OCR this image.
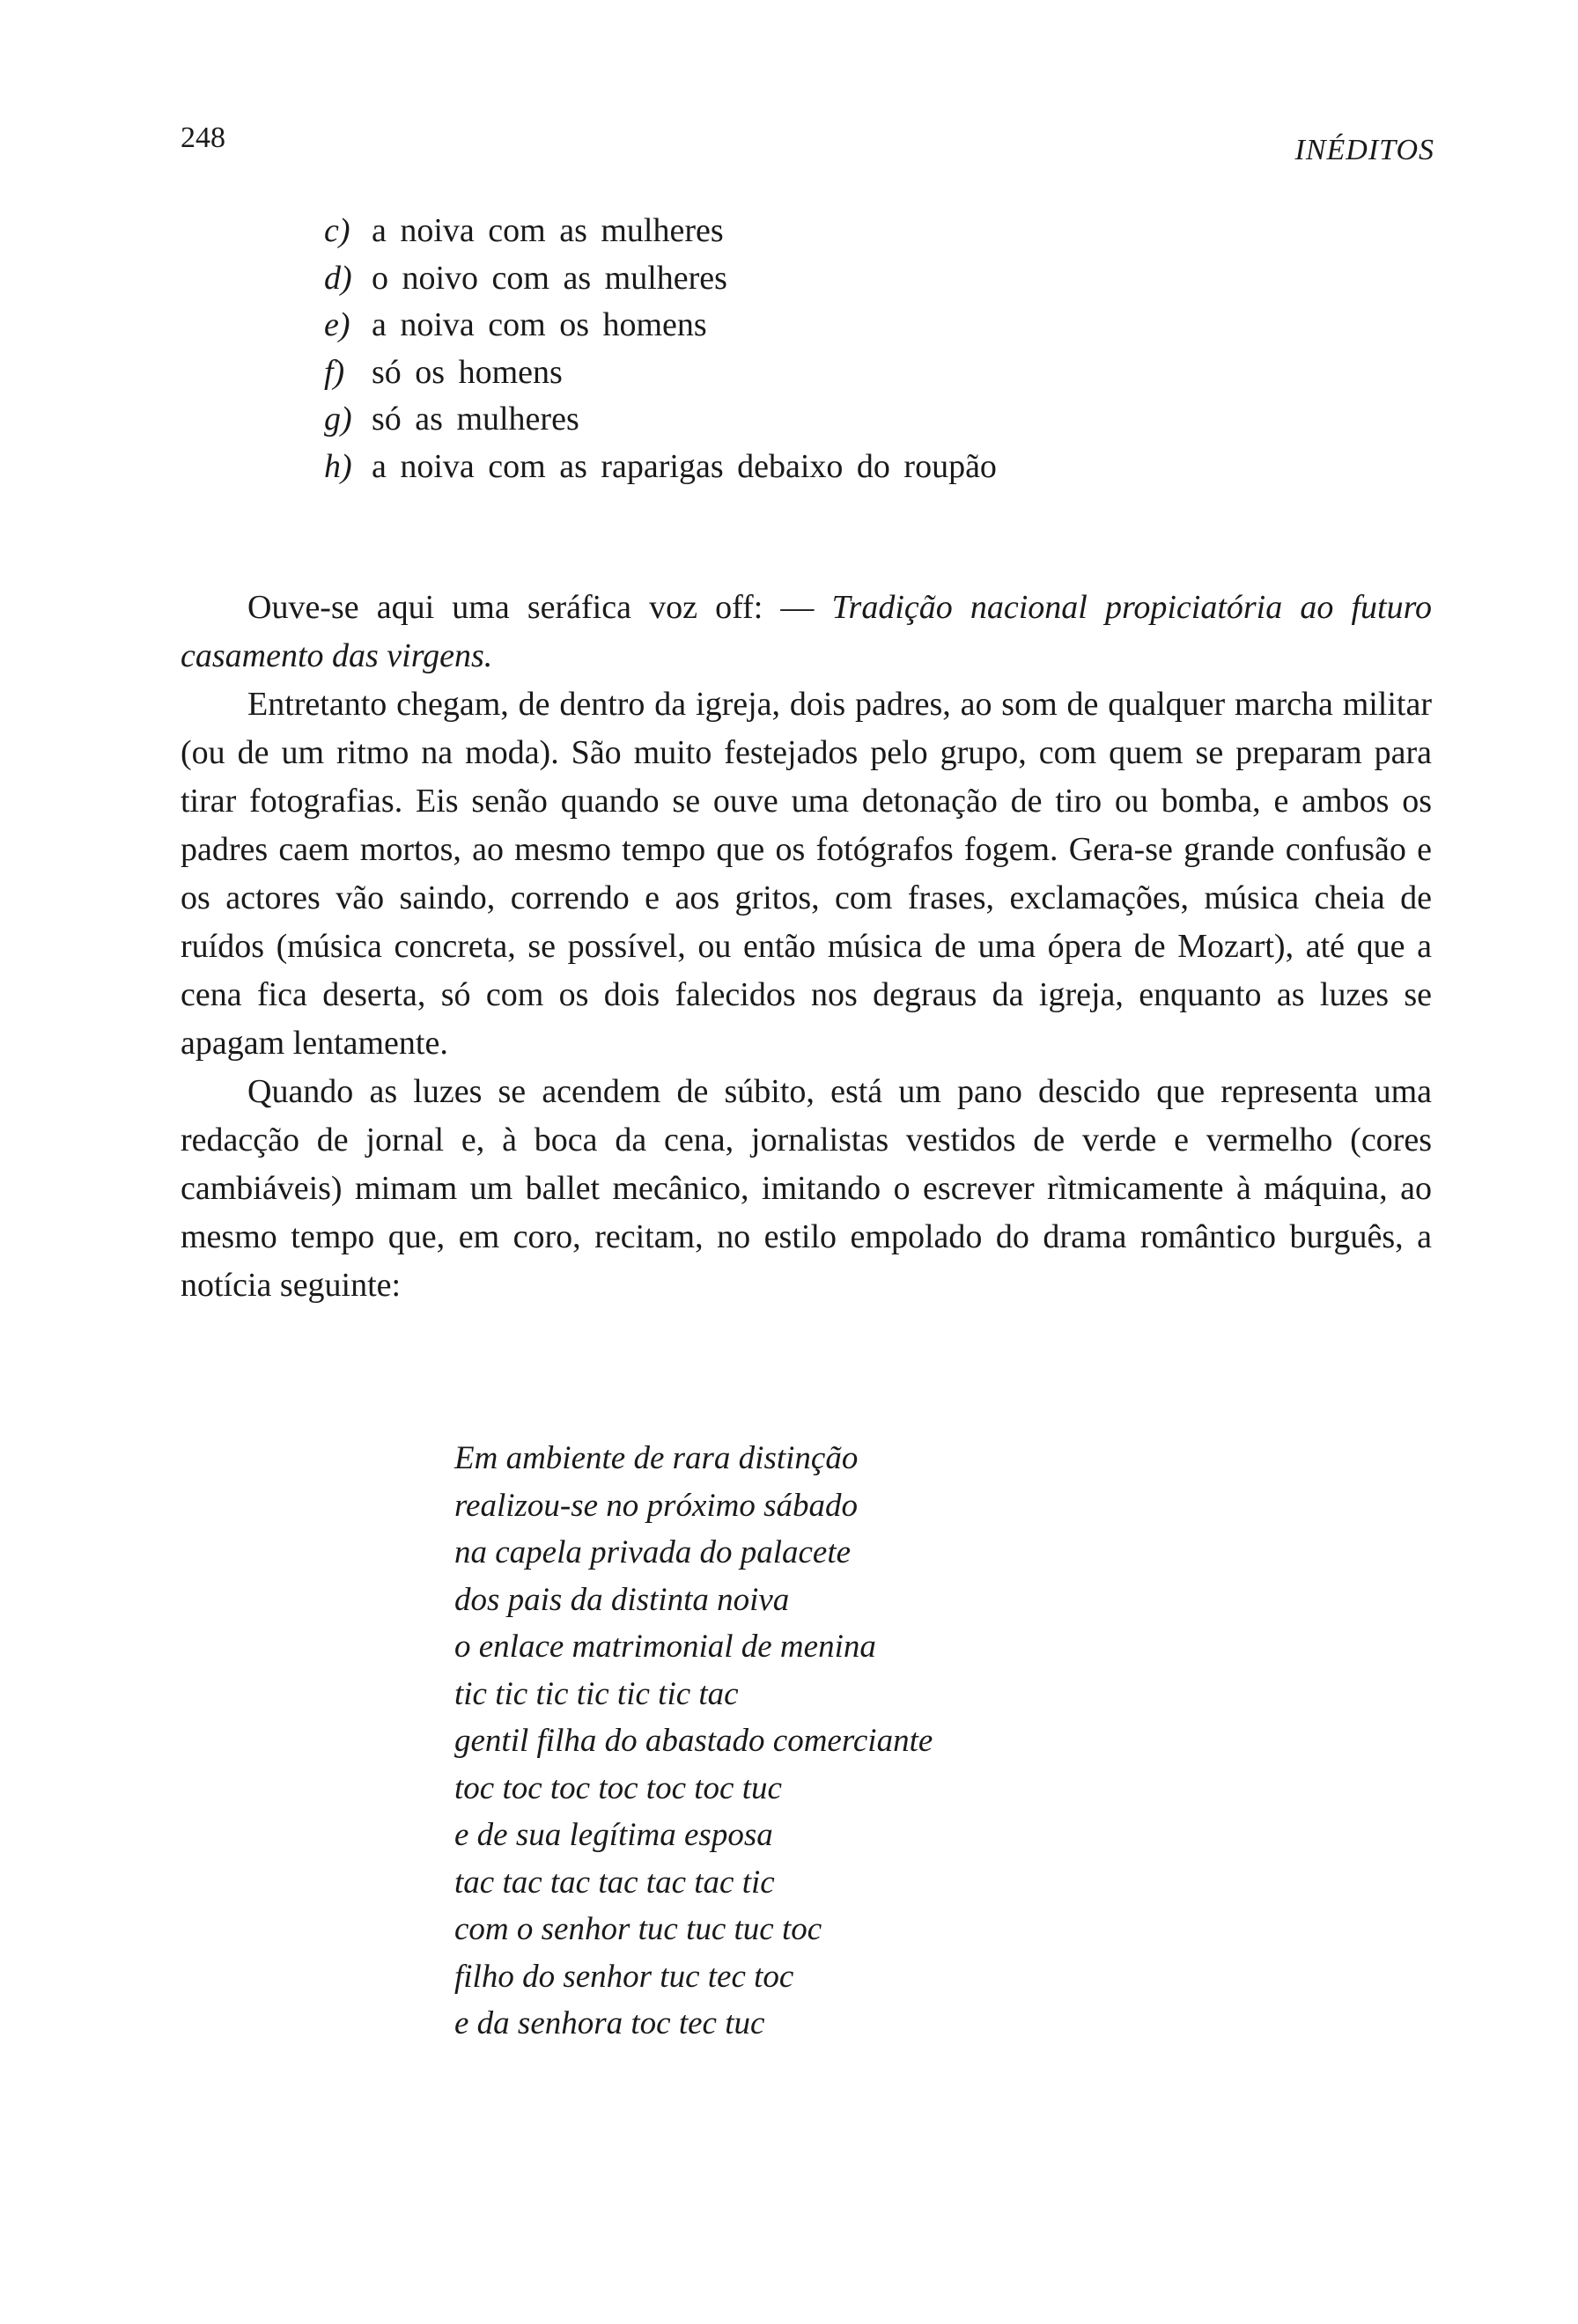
248	INÉDITOS
c) a noiva com as mulheres
d) o noivo com as mulheres
e) a noiva com os homens
f) só os homens
g) só as mulheres
h) a noiva com as raparigas debaixo do roupão

Ouve-se aqui uma seráfica voz off: — Tradição nacional propiciatória ao futuro casamento das virgens.

Entretanto chegam, de dentro da igreja, dois padres, ao som de qualquer marcha militar (ou de um ritmo na moda). São muito festejados pelo grupo, com quem se preparam para tirar fotografias. Eis senão quando se ouve uma detonação de tiro ou bomba, e ambos os padres caem mortos, ao mesmo tempo que os fotógrafos fogem. Gera-se grande confusão e os actores vão saindo, correndo e aos gritos, com frases, exclamações, música cheia de ruídos (música concreta, se possível, ou então música de uma ópera de Mozart), até que a cena fica deserta, só com os dois falecidos nos degraus da igreja, enquanto as luzes se apagam lentamente.

Quando as luzes se acendem de súbito, está um pano descido que representa uma redacção de jornal e, à boca da cena, jornalistas vestidos de verde e vermelho (cores cambiáveis) mimam um ballet mecânico, imitando o escrever rìtmicamente à máquina, ao mesmo tempo que, em coro, recitam, no estilo empolado do drama romântico burguês, a notícia seguinte:

Em ambiente de rara distinção
realizou-se no próximo sábado
na capela privada do palacete
dos pais da distinta noiva
o enlace matrimonial de menina
tic tic tic tic tic tic tac
gentil filha do abastado comerciante
toc toc toc toc toc toc tuc
e de sua legítima esposa
tac tac tac tac tac tac tic
com o senhor tuc tuc tuc toc
filho do senhor tuc tec toc
e da senhora toc tec tuc
